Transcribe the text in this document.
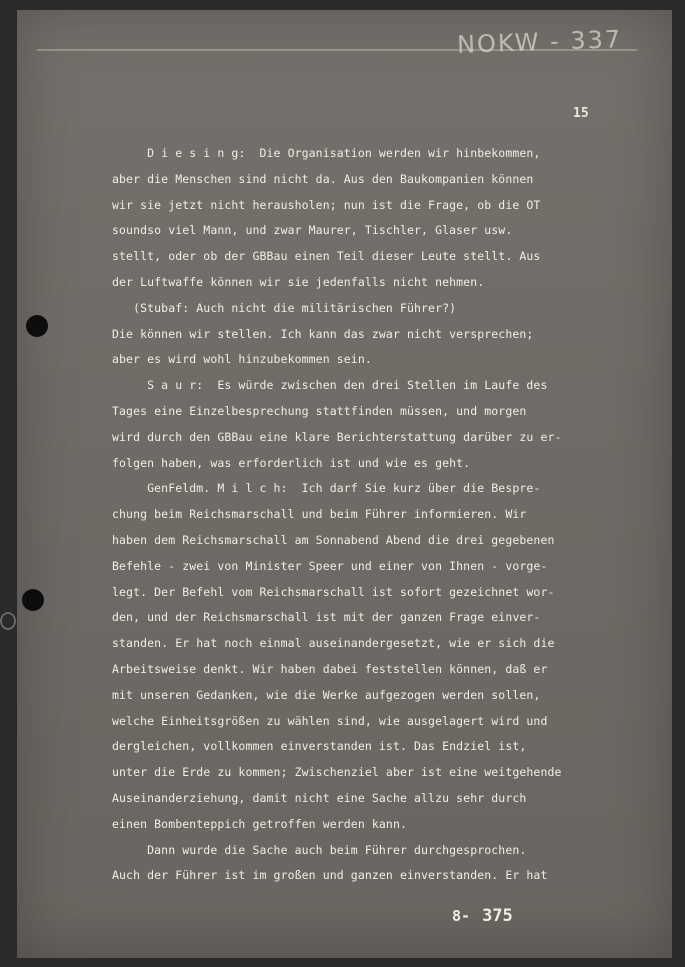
NOKW - 337
15
D i e s i n g:  Die Organisation werden wir hinbekommen,
aber die Menschen sind nicht da. Aus den Baukompanien können
wir sie jetzt nicht herausholen; nun ist die Frage, ob die OT
soundso viel Mann, und zwar Maurer, Tischler, Glaser usw.
stellt, oder ob der GBBau einen Teil dieser Leute stellt. Aus
der Luftwaffe können wir sie jedenfalls nicht nehmen.
(Stubaf: Auch nicht die militärischen Führer?)
Die können wir stellen. Ich kann das zwar nicht versprechen;
aber es wird wohl hinzubekommen sein.
S a u r:  Es würde zwischen den drei Stellen im Laufe des
Tages eine Einzelbesprechung stattfinden müssen, und morgen
wird durch den GBBau eine klare Berichterstattung darüber zu er-
folgen haben, was erforderlich ist und wie es geht.
GenFeldm. M i l c h:  Ich darf Sie kurz über die Bespre-
chung beim Reichsmarschall und beim Führer informieren. Wir
haben dem Reichsmarschall am Sonnabend Abend die drei gegebenen
Befehle - zwei von Minister Speer und einer von Ihnen - vorge-
legt. Der Befehl vom Reichsmarschall ist sofort gezeichnet wor-
den, und der Reichsmarschall ist mit der ganzen Frage einver-
standen. Er hat noch einmal auseinandergesetzt, wie er sich die
Arbeitsweise denkt. Wir haben dabei feststellen können, daß er
mit unseren Gedanken, wie die Werke aufgezogen werden sollen,
welche Einheitsgrößen zu wählen sind, wie ausgelagert wird und
dergleichen, vollkommen einverstanden ist. Das Endziel ist,
unter die Erde zu kommen; Zwischenziel aber ist eine weitgehende
Auseinanderziehung, damit nicht eine Sache allzu sehr durch
einen Bombenteppich getroffen werden kann.
Dann wurde die Sache auch beim Führer durchgesprochen.
Auch der Führer ist im großen und ganzen einverstanden. Er hat
8- 375
